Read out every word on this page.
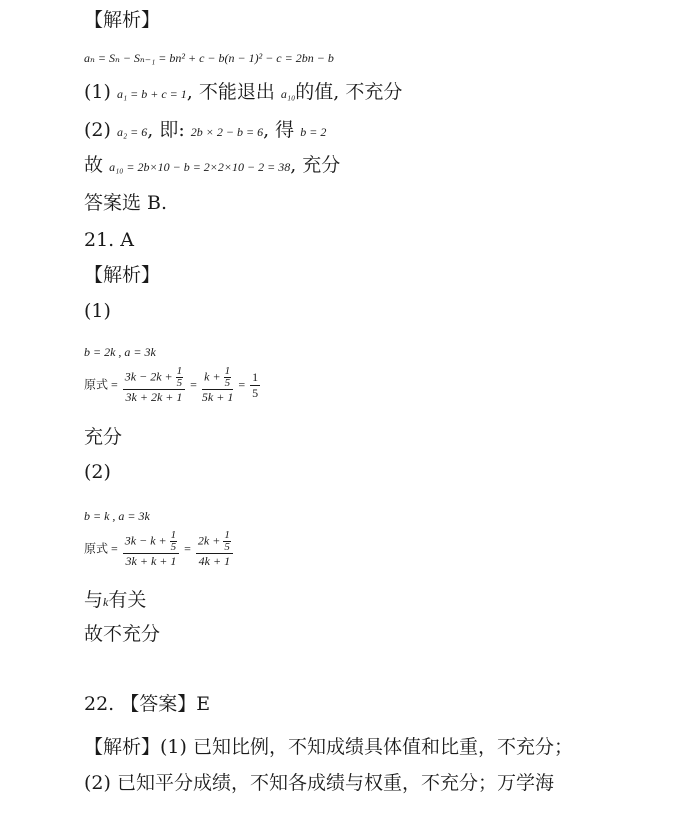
【解析】
aₙ = Sₙ − Sₙ₋₁ = bn² + c − b(n − 1)² − c = 2bn − b
(1) a₁ = b + c = 1, 不能退出 a₁₀的值, 不充分
(2) a₂ = 6, 即: 2b × 2 − b = 6, 得 b = 2
故 a₁₀ = 2b×10 − b = 2×2×10 − 2 = 38, 充分
答案选 B.
21. A
【解析】
(1)
b = 2k , a = 3k
原式 = $\frac{3k - 2k + \frac{1}{5}}{3k + 2k + 1} = \frac{k + \frac{1}{5}}{5k + 1} = \frac{1}{5}$
充分
(2)
b = k , a = 3k
原式 = $\frac{3k - k + \frac{1}{5}}{3k + k + 1} = \frac{2k + \frac{1}{5}}{4k + 1}$
与k有关
故不充分
22. 【答案】E
【解析】(1) 已知比例，不知成绩具体值和比重，不充分；
(2) 已知平分成绩，不知各成绩与权重，不充分；万学海
